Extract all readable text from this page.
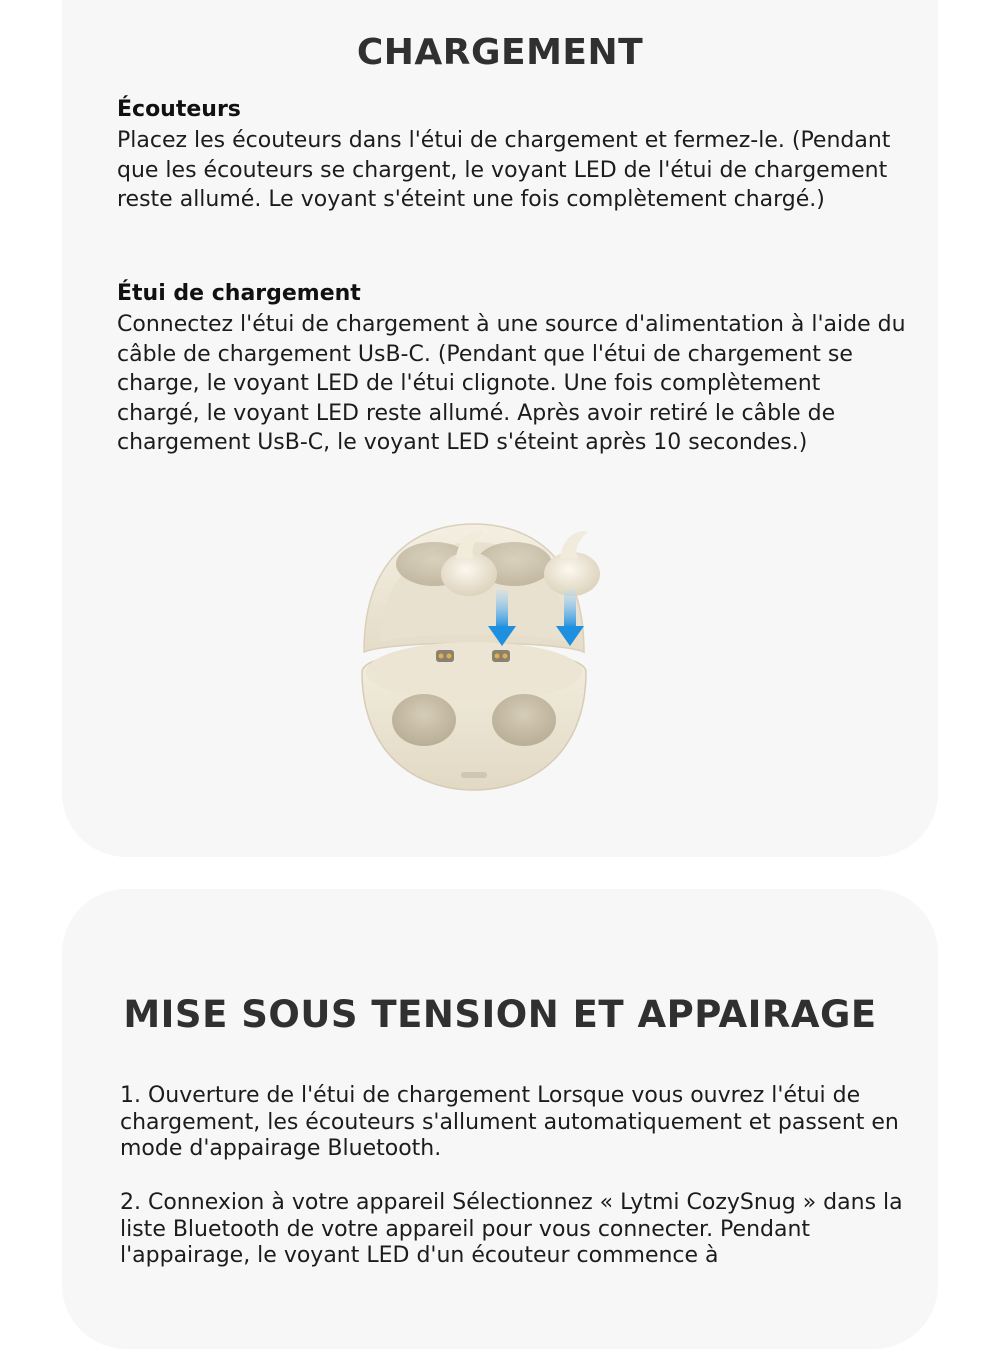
CHARGEMENT
Écouteurs

Placez les écouteurs dans l'étui de chargement et fermez-le. (Pendant que les écouteurs se chargent, le voyant LED de l'étui de chargement reste allumé. Le voyant s'éteint une fois complètement chargé.)

Étui de chargement

Connectez l'étui de chargement à une source d'alimentation à l'aide du câble de chargement UsB-C. (Pendant que l'étui de chargement se charge, le voyant LED de l'étui clignote. Une fois complètement chargé, le voyant LED reste allumé. Après avoir retiré le câble de chargement UsB-C, le voyant LED s'éteint après 10 secondes.)

MISE SOUS TENSION ET APPAIRAGE

1. Ouverture de l'étui de chargement Lorsque vous ouvrez l'étui de chargement, les écouteurs s'allument automatiquement et passent en mode d'appairage Bluetooth.

2. Connexion à votre appareil Sélectionnez « Lytmi CozySnug » dans la liste Bluetooth de votre appareil pour vous connecter. Pendant l'appairage, le voyant LED d'un écouteur commence à
